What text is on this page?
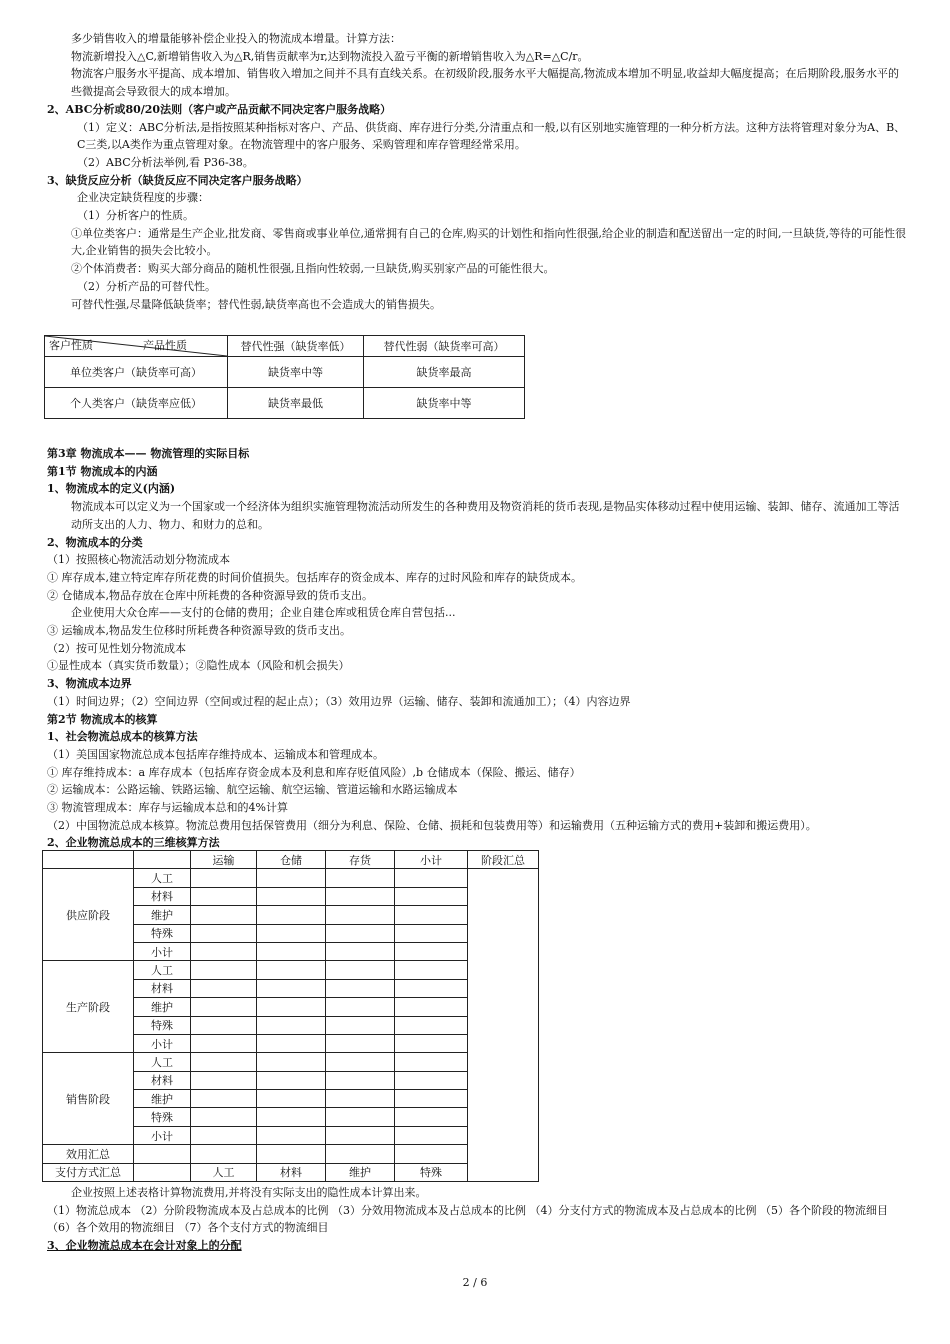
多少销售收入的增量能够补偿企业投入的物流成本增量。计算方法：
物流新增投入△C,新增销售收入为△R,销售贡献率为r,达到物流投入盈亏平衡的新增销售收入为△R=△C/r。
物流客户服务水平提高、成本增加、销售收入增加之间并不具有直线关系。在初级阶段,服务水平大幅提高,物流成本增加不明显,收益却大幅度提高；在后期阶段,服务水平的些微提高会导致很大的成本增加。
2、ABC分析或80/20法则（客户或产品贡献不同决定客户服务战略）
（1）定义：ABC分析法,是指按照某种指标对客户、产品、供货商、库存进行分类,分清重点和一般,以有区别地实施管理的一种分析方法。这种方法将管理对象分为A、B、C三类,以A类作为重点管理对象。在物流管理中的客户服务、采购管理和库存管理经常采用。
（2）ABC分析法举例,看 P36-38。
3、缺货反应分析（缺货反应不同决定客户服务战略）
企业决定缺货程度的步骤：
（1）分析客户的性质。
①单位类客户：通常是生产企业,批发商、零售商或事业单位,通常拥有自己的仓库,购买的计划性和指向性很强,给企业的制造和配送留出一定的时间,一旦缺货,等待的可能性很大,企业销售的损失会比较小。
②个体消费者：购买大部分商品的随机性很强,且指向性较弱,一旦缺货,购买别家产品的可能性很大。
（2）分析产品的可替代性。
可替代性强,尽量降低缺货率；替代性弱,缺货率高也不会造成大的销售损失。
客户性质 产品性质	替代性强（缺货率低）	替代性弱（缺货率可高）
单位类客户（缺货率可高）	缺货率中等	缺货率最高
个人类客户（缺货率应低）	缺货率最低	缺货率中等
第3章 物流成本—— 物流管理的实际目标
第1节 物流成本的内涵
1、物流成本的定义(内涵)
物流成本可以定义为一个国家或一个经济体为组织实施管理物流活动所发生的各种费用及物资消耗的货币表现,是物品实体移动过程中使用运输、装卸、储存、流通加工等活动所支出的人力、物力、和财力的总和。
2、物流成本的分类
（1）按照核心物流活动划分物流成本
① 库存成本,建立特定库存所花费的时间价值损失。包括库存的资金成本、库存的过时风险和库存的缺货成本。
② 仓储成本,物品存放在仓库中所耗费的各种资源导致的货币支出。
企业使用大众仓库——支付的仓储的费用；企业自建仓库或租赁仓库自营包括...
③ 运输成本,物品发生位移时所耗费各种资源导致的货币支出。
（2）按可见性划分物流成本
①显性成本（真实货币数量）；②隐性成本（风险和机会损失）
3、物流成本边界
（1）时间边界；（2）空间边界（空间或过程的起止点）；（3）效用边界（运输、储存、装卸和流通加工）；（4）内容边界
第2节 物流成本的核算
1、社会物流总成本的核算方法
（1）美国国家物流总成本包括库存维持成本、运输成本和管理成本。
① 库存维持成本：a 库存成本（包括库存资金成本及利息和库存贬值风险）,b 仓储成本（保险、搬运、储存）
② 运输成本：公路运输、铁路运输、航空运输、航空运输、管道运输和水路运输成本
③ 物流管理成本：库存与运输成本总和的4%计算
（2）中国物流总成本核算。物流总费用包括保管费用（细分为利息、保险、仓储、损耗和包装费用等）和运输费用（五种运输方式的费用+装卸和搬运费用）。
2、企业物流总成本的三维核算方法
		运输	仓储	存货	小计	阶段汇总
供应阶段	人工					
	材料					
	维护					
	特殊					
	小计					
生产阶段	人工					
	材料					
	维护					
	特殊					
	小计					
销售阶段	人工					
	材料					
	维护					
	特殊					
	小计					
效用汇总						
支付方式汇总		人工	材料	维护	特殊	
企业按照上述表格计算物流费用,并将没有实际支出的隐性成本计算出来。
（1）物流总成本 （2）分阶段物流成本及占总成本的比例 （3）分效用物流成本及占总成本的比例 （4）分支付方式的物流成本及占总成本的比例 （5）各个阶段的物流细目 （6）各个效用的物流细目 （7）各个支付方式的物流细目
3、企业物流总成本在会计对象上的分配
2 / 6
